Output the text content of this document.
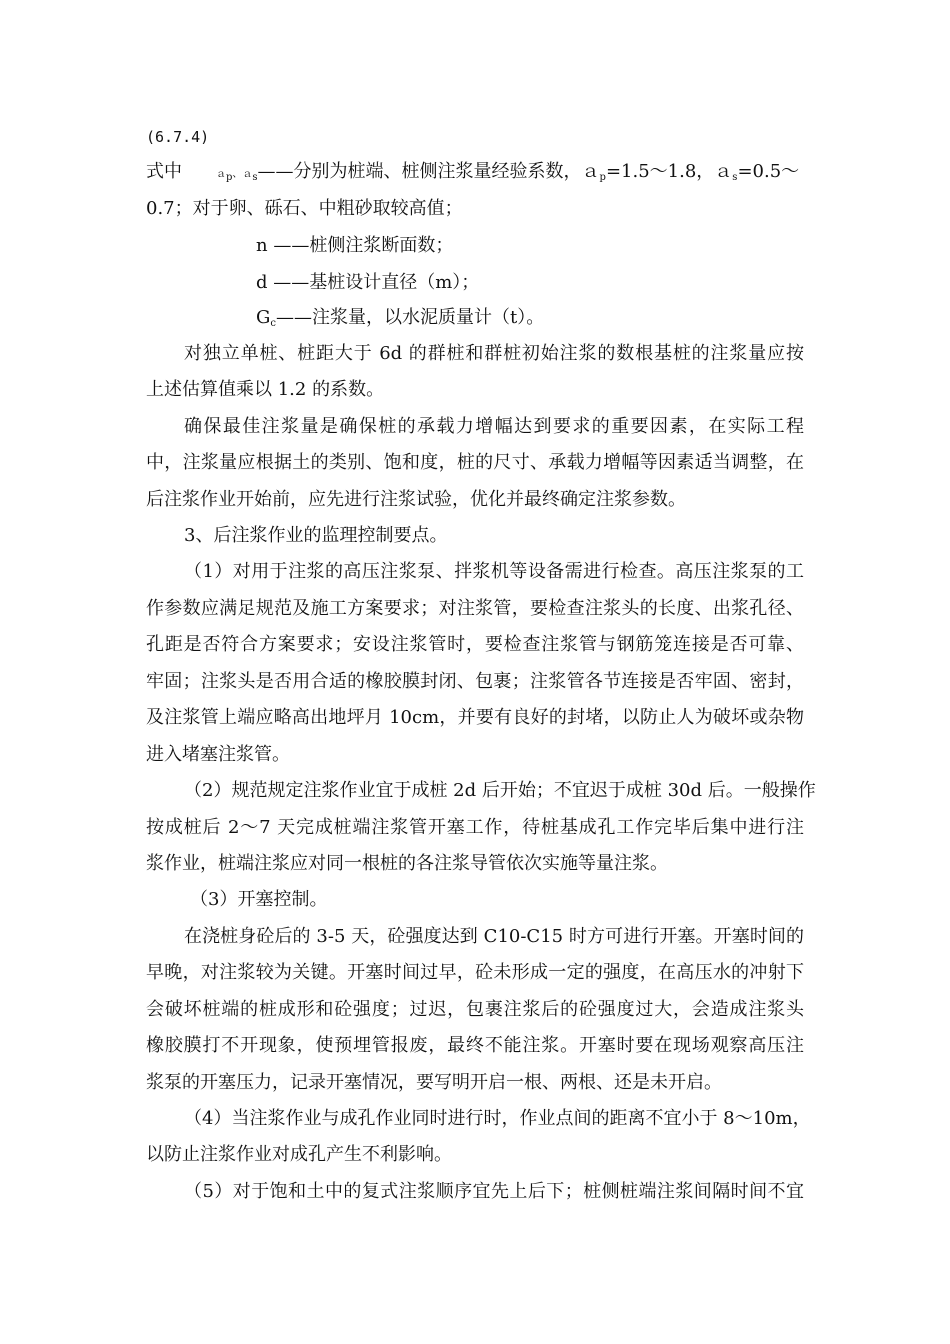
(6.7.4)
式中	ａ$_p$、ａ$_s$——分别为桩端、桩侧注浆量经验系数，ａ$_p$=1.5～1.8，ａ$_s$=0.5～
0.7；对于卵、砾石、中粗砂取较高值；
n ——桩侧注浆断面数；
d ——基桩设计直径（m）；
$G_c——$注浆量，以水泥质量计（t）。
对独立单桩、桩距大于 6d 的群桩和群桩初始注浆的数根基桩的注浆量应按
上述估算值乘以 1.2 的系数。
确保最佳注浆量是确保桩的承载力增幅达到要求的重要因素，在实际工程
中，注浆量应根据土的类别、饱和度，桩的尺寸、承载力增幅等因素适当调整，在
后注浆作业开始前，应先进行注浆试验，优化并最终确定注浆参数。
3、后注浆作业的监理控制要点。
（1）对用于注浆的高压注浆泵、拌浆机等设备需进行检查。高压注浆泵的工
作参数应满足规范及施工方案要求；对注浆管，要检查注浆头的长度、出浆孔径、
孔距是否符合方案要求；安设注浆管时，要检查注浆管与钢筋笼连接是否可靠、
牢固；注浆头是否用合适的橡胶膜封闭、包裹；注浆管各节连接是否牢固、密封，
及注浆管上端应略高出地坪月 10cm，并要有良好的封堵，以防止人为破坏或杂物
进入堵塞注浆管。
（2）规范规定注浆作业宜于成桩 2d 后开始；不宜迟于成桩 30d 后。一般操作
按成桩后 2～7 天完成桩端注浆管开塞工作，待桩基成孔工作完毕后集中进行注
浆作业，桩端注浆应对同一根桩的各注浆导管依次实施等量注浆。
（3）开塞控制。
在浇桩身砼后的 3-5 天，砼强度达到 C10-C15 时方可进行开塞。开塞时间的
早晚，对注浆较为关键。开塞时间过早，砼未形成一定的强度，在高压水的冲射下
会破坏桩端的桩成形和砼强度；过迟，包裹注浆后的砼强度过大，会造成注浆头
橡胶膜打不开现象，使预埋管报废，最终不能注浆。开塞时要在现场观察高压注
浆泵的开塞压力，记录开塞情况，要写明开启一根、两根、还是未开启。
（4）当注浆作业与成孔作业同时进行时，作业点间的距离不宜小于 8～10m，
以防止注浆作业对成孔产生不利影响。
（5）对于饱和土中的复式注浆顺序宜先上后下；桩侧桩端注浆间隔时间不宜
